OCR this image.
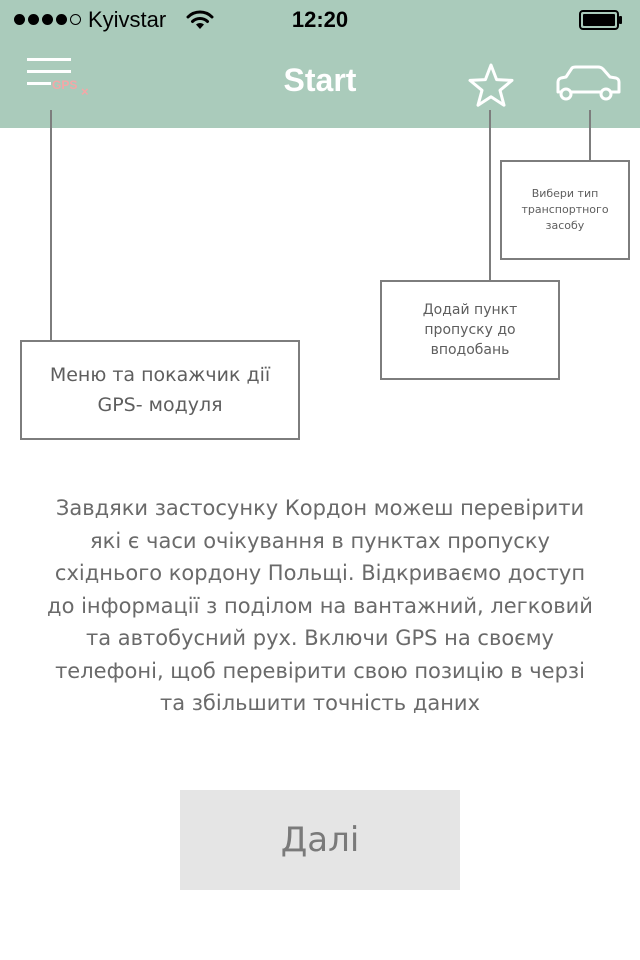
Kyivstar	12:20
GPS ×	Start
Вибери тип транспортного засобу
Додай пункт пропуску до вподобань
Меню та покажчик дії GPS- модуля

Завдяки застосунку Кордон можеш перевірити які є часи очікування в пунктах пропуску східнього кордону Польщі. Відкриваємо доступ до інформації з поділом на вантажний, легковий та автобусний рух. Включи GPS на своєму телефоні, щоб перевірити свою позицію в черзі та збільшити точність даних

Далі
